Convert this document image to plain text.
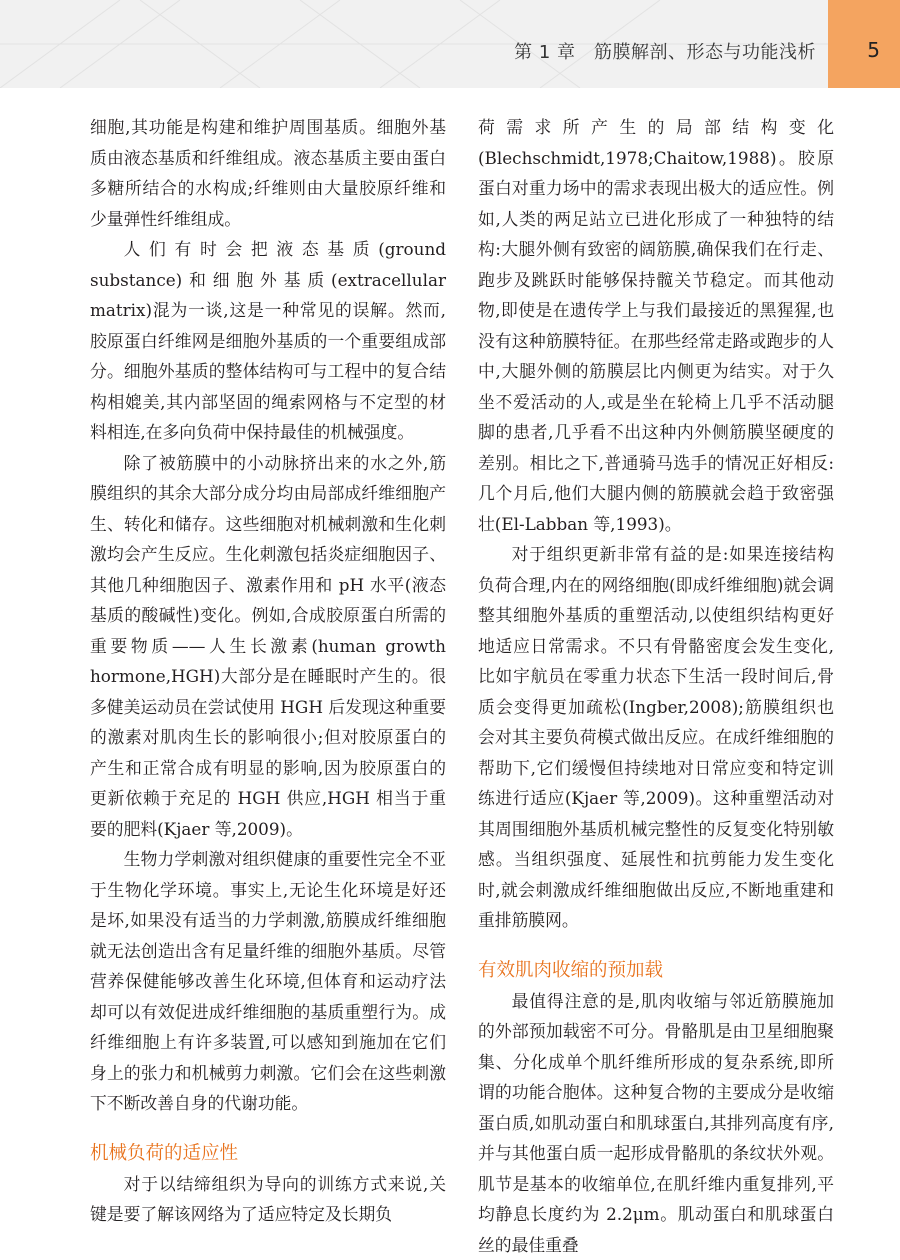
第 1 章　筋膜解剖、形态与功能浅析	5

细胞,其功能是构建和维护周围基质。细胞外基质由液态基质和纤维组成。液态基质主要由蛋白多糖所结合的水构成;纤维则由大量胶原纤维和少量弹性纤维组成。

人们有时会把液态基质(ground substance)和细胞外基质(extracellular matrix)混为一谈,这是一种常见的误解。然而,胶原蛋白纤维网是细胞外基质的一个重要组成部分。细胞外基质的整体结构可与工程中的复合结构相媲美,其内部坚固的绳索网格与不定型的材料相连,在多向负荷中保持最佳的机械强度。

除了被筋膜中的小动脉挤出来的水之外,筋膜组织的其余大部分成分均由局部成纤维细胞产生、转化和储存。这些细胞对机械刺激和生化刺激均会产生反应。生化刺激包括炎症细胞因子、其他几种细胞因子、激素作用和 pH 水平(液态基质的酸碱性)变化。例如,合成胶原蛋白所需的重要物质——人生长激素(human growth hormone,HGH)大部分是在睡眠时产生的。很多健美运动员在尝试使用 HGH 后发现这种重要的激素对肌肉生长的影响很小;但对胶原蛋白的产生和正常合成有明显的影响,因为胶原蛋白的更新依赖于充足的 HGH 供应,HGH 相当于重要的肥料(Kjaer 等,2009)。

生物力学刺激对组织健康的重要性完全不亚于生物化学环境。事实上,无论生化环境是好还是坏,如果没有适当的力学刺激,筋膜成纤维细胞就无法创造出含有足量纤维的细胞外基质。尽管营养保健能够改善生化环境,但体育和运动疗法却可以有效促进成纤维细胞的基质重塑行为。成纤维细胞上有许多装置,可以感知到施加在它们身上的张力和机械剪力刺激。它们会在这些刺激下不断改善自身的代谢功能。

机械负荷的适应性

对于以结缔组织为导向的训练方式来说,关键是要了解该网络为了适应特定及长期负

荷需求所产生的局部结构变化(Blechschmidt,1978;Chaitow,1988)。胶原蛋白对重力场中的需求表现出极大的适应性。例如,人类的两足站立已进化形成了一种独特的结构:大腿外侧有致密的阔筋膜,确保我们在行走、跑步及跳跃时能够保持髋关节稳定。而其他动物,即使是在遗传学上与我们最接近的黑猩猩,也没有这种筋膜特征。在那些经常走路或跑步的人中,大腿外侧的筋膜层比内侧更为结实。对于久坐不爱活动的人,或是坐在轮椅上几乎不活动腿脚的患者,几乎看不出这种内外侧筋膜坚硬度的差别。相比之下,普通骑马选手的情况正好相反:几个月后,他们大腿内侧的筋膜就会趋于致密强壮(El-Labban 等,1993)。

对于组织更新非常有益的是:如果连接结构负荷合理,内在的网络细胞(即成纤维细胞)就会调整其细胞外基质的重塑活动,以使组织结构更好地适应日常需求。不只有骨骼密度会发生变化,比如宇航员在零重力状态下生活一段时间后,骨质会变得更加疏松(Ingber,2008);筋膜组织也会对其主要负荷模式做出反应。在成纤维细胞的帮助下,它们缓慢但持续地对日常应变和特定训练进行适应(Kjaer 等,2009)。这种重塑活动对其周围细胞外基质机械完整性的反复变化特别敏感。当组织强度、延展性和抗剪能力发生变化时,就会刺激成纤维细胞做出反应,不断地重建和重排筋膜网。

有效肌肉收缩的预加载

最值得注意的是,肌肉收缩与邻近筋膜施加的外部预加载密不可分。骨骼肌是由卫星细胞聚集、分化成单个肌纤维所形成的复杂系统,即所谓的功能合胞体。这种复合物的主要成分是收缩蛋白质,如肌动蛋白和肌球蛋白,其排列高度有序,并与其他蛋白质一起形成骨骼肌的条纹状外观。肌节是基本的收缩单位,在肌纤维内重复排列,平均静息长度约为 2.2μm。肌动蛋白和肌球蛋白丝的最佳重叠
